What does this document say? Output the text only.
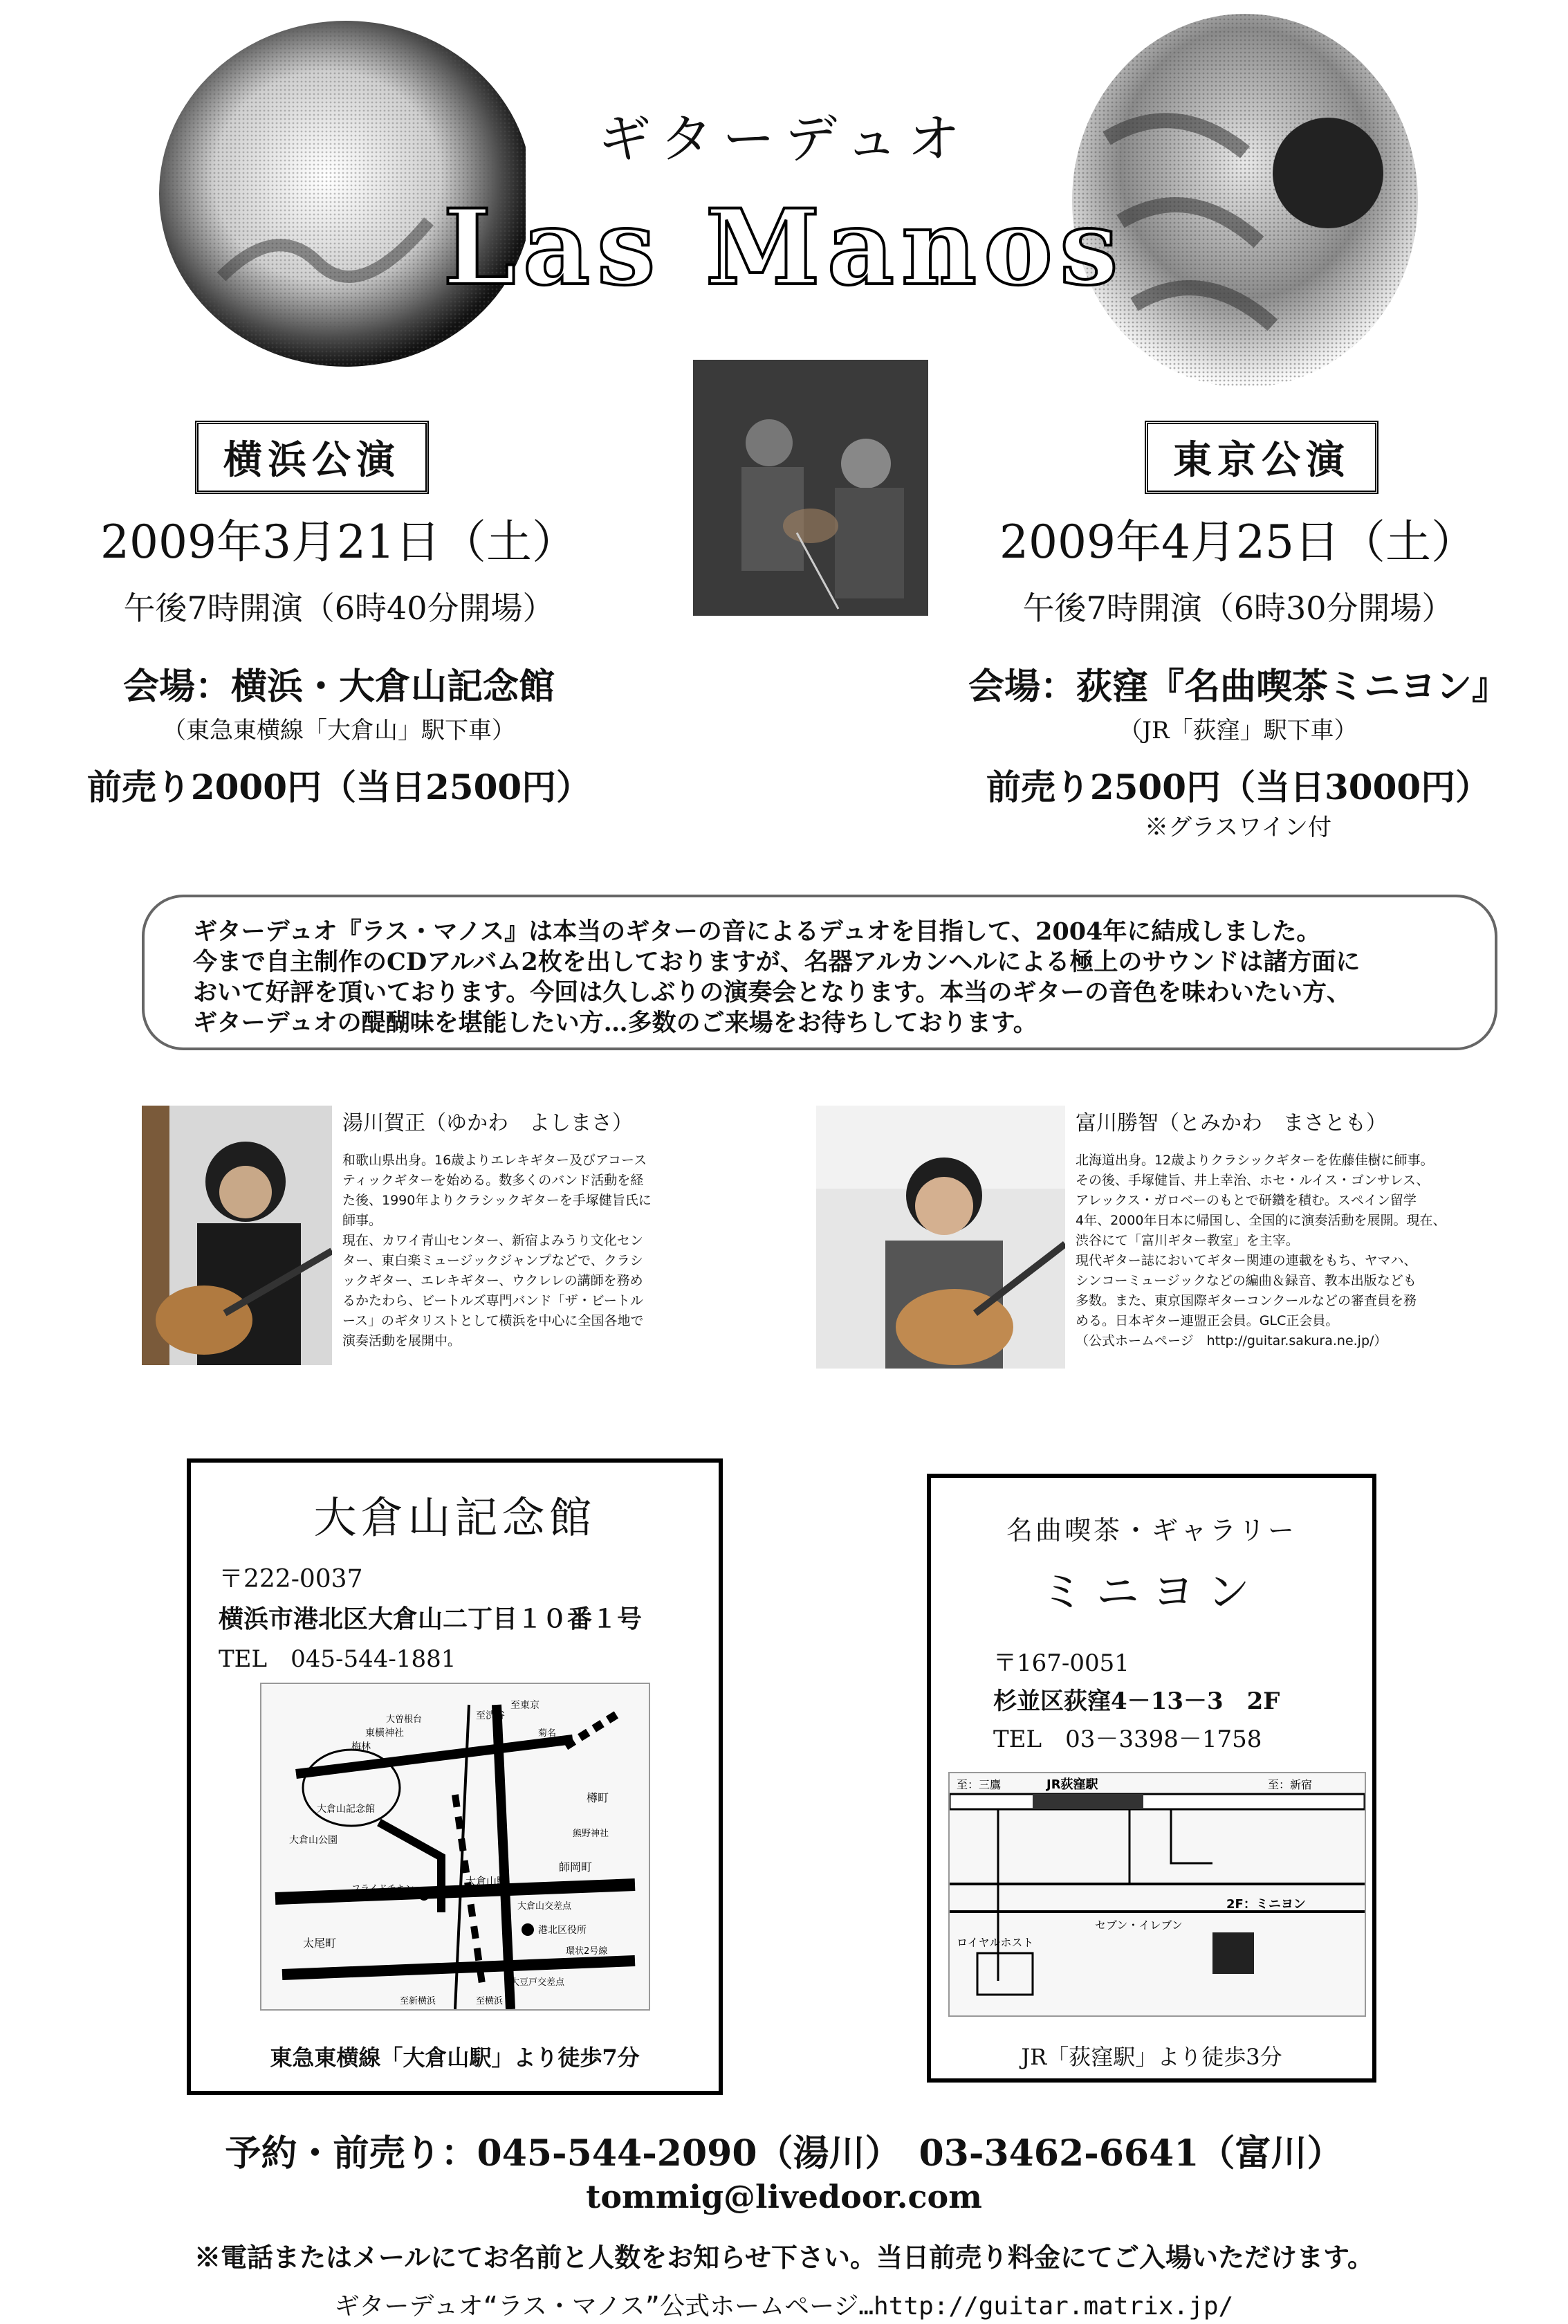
ギターデュオ
Las Manos
横浜公演
2009年3月21日（土）
午後7時開演（6時40分開場）
会場：横浜・大倉山記念館
（東急東横線「大倉山」駅下車）
前売り2000円（当日2500円）
東京公演
2009年4月25日（土）
午後7時開演（6時30分開場）
会場：荻窪『名曲喫茶ミニヨン』
（JR「荻窪」駅下車）
前売り2500円（当日3000円）
※グラスワイン付
ギターデュオ『ラス・マノス』は本当のギターの音によるデュオを目指して、2004年に結成しました。
今まで自主制作のCDアルバム2枚を出しておりますが、名器アルカンヘルによる極上のサウンドは諸方面に
おいて好評を頂いております。今回は久しぶりの演奏会となります。本当のギターの音色を味わいたい方、
ギターデュオの醍醐味を堪能したい方…多数のご来場をお待ちしております。
湯川賀正（ゆかわ　よしまさ）
和歌山県出身。16歳よりエレキギター及びアコース
ティックギターを始める。数多くのバンド活動を経
た後、1990年よりクラシックギターを手塚健旨氏に
師事。
現在、カワイ青山センター、新宿よみうり文化セン
ター、東白楽ミュージックジャンプなどで、クラシ
ックギター、エレキギター、ウクレレの講師を務め
るかたわら、ビートルズ専門バンド「ザ・ビートル
ース」のギタリストとして横浜を中心に全国各地で
演奏活動を展開中。
富川勝智（とみかわ　まさとも）
北海道出身。12歳よりクラシックギターを佐藤佳樹に師事。
その後、手塚健旨、井上幸治、ホセ・ルイス・ゴンサレス、
アレックス・ガロベーのもとで研鑽を積む。スペイン留学
4年、2000年日本に帰国し、全国的に演奏活動を展開。現在、
渋谷にて「富川ギター教室」を主宰。
現代ギター誌においてギター関連の連載をもち、ヤマハ、
シンコーミュージックなどの編曲＆録音、教本出版なども
多数。また、東京国際ギターコンクールなどの審査員を務
める。日本ギター連盟正会員。GLC正会員。
（公式ホームページ　http://guitar.sakura.ne.jp/）
大倉山記念館
〒222-0037
横浜市港北区大倉山二丁目１０番１号
TEL　045-544-1881
至渋谷
至東京
大倉山駅
大倉山記念館
大倉山公園
梅林
東横神社
師岡町
太尾町
港北区役所
大倉山交差点
大豆戸交差点
環状2号線
至新横浜	至横浜
フライドチキン
樽町
熊野神社
大曽根台
菊名
東急東横線「大倉山駅」より徒歩7分
名曲喫茶・ギャラリー
ミニヨン
〒167-0051
杉並区荻窪4－13－3　2F
TEL　03－3398－1758
至：三鷹	JR荻窪駅	至：新宿
セブン・イレブン
ロイヤルホスト
2F：ミニヨン
JR「荻窪駅」より徒歩3分
予約・前売り：045-544-2090（湯川）　03-3462-6641（富川）
tommig@livedoor.com
※電話またはメールにてお名前と人数をお知らせ下さい。当日前売り料金にてご入場いただけます。
ギターデュオ“ラス・マノス”公式ホームページ…http://guitar.matrix.jp/
